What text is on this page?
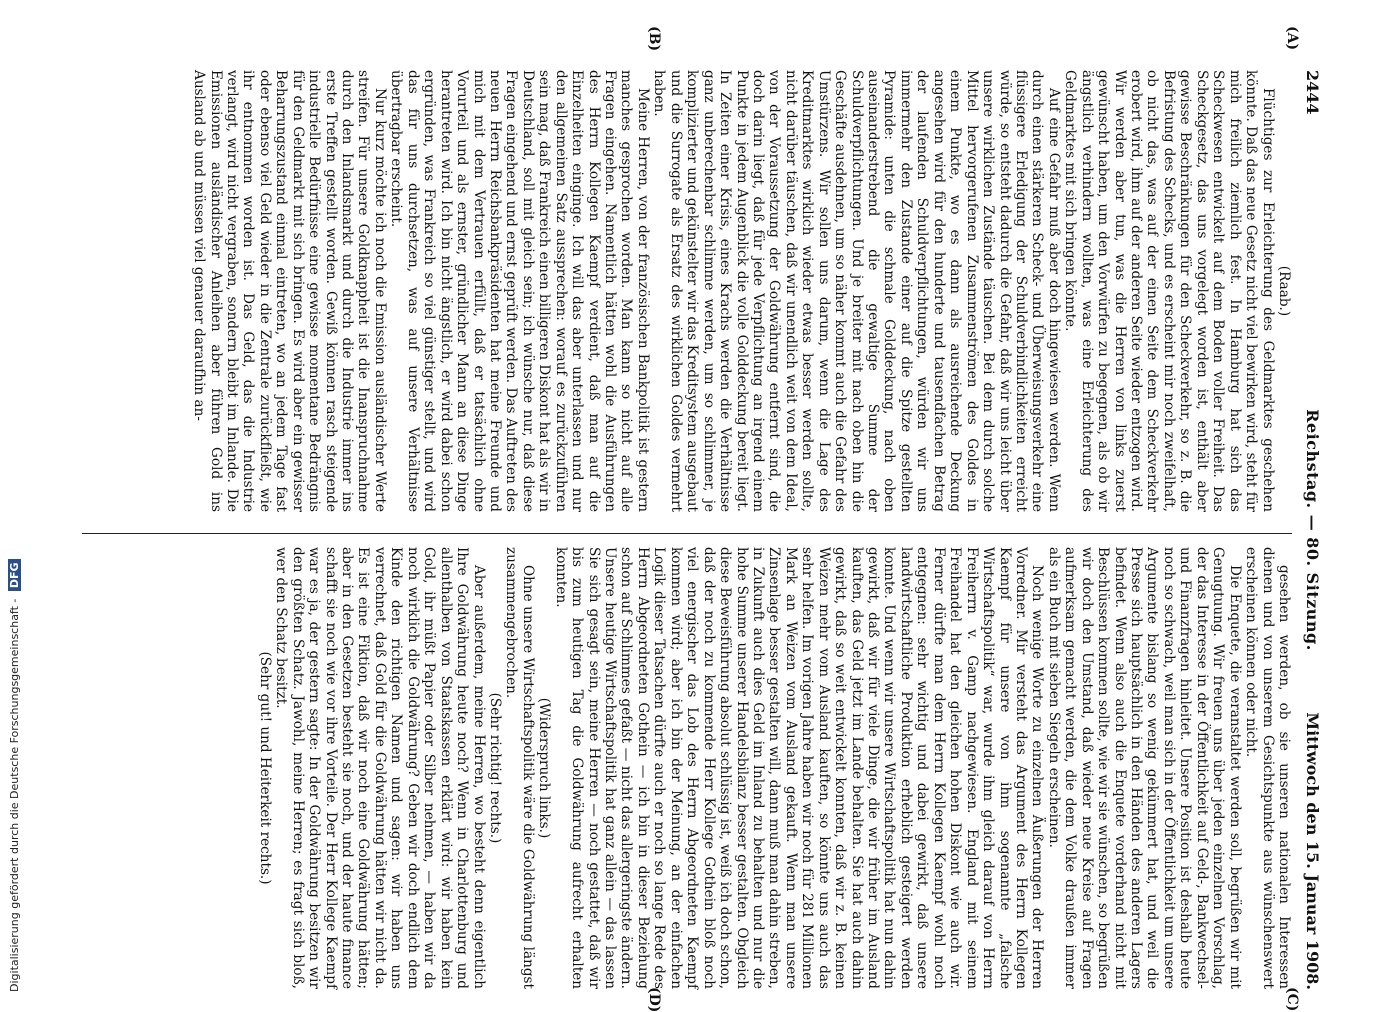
2444
Reichstag. — 80. Sitzung.
Mittwoch den 15. Januar 1908.
(A)
(B)
(C)
(D)

(Raab.)

Flüchtiges zur Erleichterung des Geldmarktes geschehen könnte. Daß das neue Gesetz nicht viel bewirken wird, steht für mich freilich ziemlich fest. In Hamburg hat sich das Scheckwesen entwickelt auf dem Boden voller Freiheit. Das Scheckgesetz, das uns vorgelegt worden ist, enthält aber gewisse Beschränkungen für den Scheckverkehr, so z. B. die Befristung des Schecks, und es erscheint mir noch zweifelhaft, ob nicht das, was auf der einen Seite dem Scheckverkehr erobert wird, ihm auf der anderen Seite wieder entzogen wird. Wir werden aber tun, was die Herren von links zuerst gewünscht haben, um den Vorwürfen zu begegnen, als ob wir ängstlich verhindern wollten, was eine Erleichterung des Geldmarktes mit sich bringen könnte.

Auf eine Gefahr muß aber doch hingewiesen werden. Wenn durch einen stärkeren Scheck- und Überweisungsverkehr eine flüssigere Erledigung der Schuldverbindlichkeiten erreicht würde, so entsteht dadurch die Gefahr, daß wir uns leicht über unsere wirklichen Zustände täuschen. Bei dem durch solche Mittel hervorgerufenen Zusammenströmen des Goldes in einem Punkte, wo es dann als ausreichende Deckung angesehen wird für den hunderte und tausendfachen Betrag der laufenden Schuldverpflichtungen, würden wir uns immermehr den Zustande einer auf die Spitze gestellten Pyramide: unten die schmale Golddeckung, nach oben auseinanderstrebend die gewaltige Summe der Schuldverpflichtungen. Und je breiter mit nach oben hin die Geschäfte ausdehnen, um so näher kommt auch die Gefahr des Umstürzens. Wir sollen uns darum, wenn die Lage des Kreditmarktes wirklich wieder etwas besser werden sollte, nicht darüber täuschen, daß wir unendlich weit von dem Ideal, von der Voraussetzung der Goldwährung entfernt sind, die doch darin liegt, daß für jede Verpflichtung an irgend einem Punkte in jedem Augenblick die volle Golddeckung bereit liegt. In Zeiten einer Krisis, eines Krachs werden die Verhältnisse ganz unberechenbar schlimme werden, um so schlimmer, je komplizierter und gekünstelter wir das Kreditsystem ausgebaut und die Surrogate als Ersatz des wirklichen Goldes vermehrt haben.

Meine Herren, von der französischen Bankpolitik ist gestern manches gesprochen worden. Man kann so nicht auf alle Fragen eingehen. Namentlich hätten wohl die Ausführungen des Herrn Kollegen Kaempf verdient, daß man auf die Einzelheiten einginge. Ich will das aber unterlassen und nur den allgemeinen Satz aussprechen: worauf es zurückzuführen sein mag, daß Frankreich einen billigeren Diskont hat als wir in Deutschland, soll mit gleich sein; ich wünsche nur, daß diese Fragen eingehend und ernst geprüft werden. Das Auftreten des neuen Herrn Reichsbankpräsidenten hat meine Freunde und mich mit dem Vertrauen erfüllt, daß er tatsächlich ohne Vorurteil und als ernster, gründlicher Mann an diese Dinge herantreten wird. Ich bin nicht ängstlich, er wird dabei schon ergründen, was Frankreich so viel günstiger stellt, und wird das für uns durchsetzen, was auf unsere Verhältnisse übertragbar erscheint.

Nur kurz möchte ich noch die Emission ausländischer Werte streifen. Für unsere Goldknappheit ist die Inanspruchnahme durch den Inlandsmarkt und durch die Industrie immer ins erste Treffen gestellt worden. Gewiß können rasch steigende industrielle Bedürfnisse eine gewisse momentane Bedrängnis für den Geldmarkt mit sich bringen. Es wird aber ein gewisser Beharrungszustand einmal eintreten, wo an jedem Tage fast oder ebenso viel Geld wieder in die Zentrale zurückfließt, wie ihr entnommen worden ist. Das Geld, das die Industrie verlangt, wird nicht vergraben, sondern bleibt im Inlande. Die Emissionen ausländischer Anleihen aber führen Gold ins Ausland ab und müssen viel genauer daraufhin an-

gesehen werden, ob sie unseren nationalen Interessen dienen und von unserem Gesichtspunkte aus wünschenswert erscheinen können oder nicht.

Die Enquete, die veranstaltet werden soll, begrüßen wir mit Genugtuung. Wir freuen uns über jeden einzelnen Vorschlag, der das Interesse in der Öffentlichkeit auf Geld-, Bankwechsel- und Finanzfragen hinleitet. Unsere Position ist deshalb heute noch so schwach, weil man sich in der Öffentlichkeit um unsere Argumente bislang so wenig gekümmert hat, und weil die Presse sich hauptsächlich in den Händen des anderen Lagers befindet. Wenn also auch die Enquete vorderhand nicht mit Beschlüssen kommen sollte, wie wir sie wünschen, so begrüßen wir doch den Umstand, daß wieder neue Kreise auf Fragen aufmerksam gemacht werden, die dem Volke draußen immer als ein Buch mit sieben Siegeln erscheinen.

Noch wenige Worte zu einzelnen Äußerungen der Herren Vorredner. Mir versteht das Argument des Herrn Kollegen Kaempf für unsere von ihm sogenannte „falsche Wirtschaftspolitik“ war, wurde ihm gleich darauf von Herrn Freiherrn v. Gamp nachgewiesen. England mit seinem Freihandel hat den gleichen hohen Diskont wie auch wir. Ferner dürfte man dem Herrn Kollegen Kaempf wohl noch entgegnen: sehr wichtig und dabei gewirkt, daß unsere landwirtschaftliche Produktion erheblich gesteigert werden konnte. Und wenn wir unsere Wirtschaftspolitik hat nun dahin gewirkt, daß wir für viele Dinge, die wir früher im Ausland kauften, das Geld jetzt im Lande behalten. Sie hat auch dahin gewirkt, daß so weit entwickelt konnten, daß wir z. B. keinen Weizen mehr vom Ausland kauften, so könnte uns auch das sehr helfen. Im vorigen Jahre haben wir noch für 281 Millionen Mark an Weizen vom Ausland gekauft. Wenn man unsere Zinsenlage besser gestalten will, dann muß man dahin streben, in Zukunft auch dies Geld im Inland zu behalten und nur die hohe Summe unserer Handelsbilanz besser gestalten. Obgleich diese Beweisführung absolut schlüssig ist, weiß ich doch schon, daß der noch zu kommende Herr Kollege Gothein bloß noch viel energischer das Lob des Herrn Abgeordneten Kaempf kommen wird; aber ich bin der Meinung, an der einfachen Logik dieser Tatsachen dürfte auch er noch so lange Rede des Herrn Abgeordneten Gothein — ich bin in dieser Beziehung schon auf Schlimmes gefaßt — nicht das allergeringste ändern. Unsere heutige Wirtschaftspolitik hat ganz allein — das lassen Sie sich gesagt sein, meine Herren — noch gestattet, daß wir bis zum heutigen Tag die Goldwährung aufrecht erhalten konnten.

(Widerspruch links.)

Ohne unsere Wirtschaftspolitik wäre die Goldwährung längst zusammengebrochen.

(Sehr richtig! rechts.)

Aber außerdem, meine Herren, wo besteht denn eigentlich Ihre Goldwährung heute noch? Wenn in Charlottenburg und allenthalben von Staatskassen erklärt wird: wir haben kein Gold, ihr müßt Papier oder Silber nehmen, — haben wir da noch wirklich die Goldwährung? Geben wir doch endlich dem Kinde den richtigen Namen und sagen: wir haben uns verrechnet, daß Gold für die Goldwährung hätten wir nicht da. Es ist eine Fiktion, daß wir noch eine Goldwährung hätten; aber in den Gesetzen besteht sie noch, und der haute finance schafft sie noch wie vor ihre Vorteile. Der Herr Kollege Kaempf war es ja, der gestern sagte: In der Goldwährung besitzen wir den größten Schatz. Jawohl, meine Herren; es fragt sich bloß, wer den Schatz besitzt.

(Sehr gut! und Heiterkeit rechts.)

Digitalisierung gefördert durch die Deutsche Forschungsgemeinschaft - DFG
